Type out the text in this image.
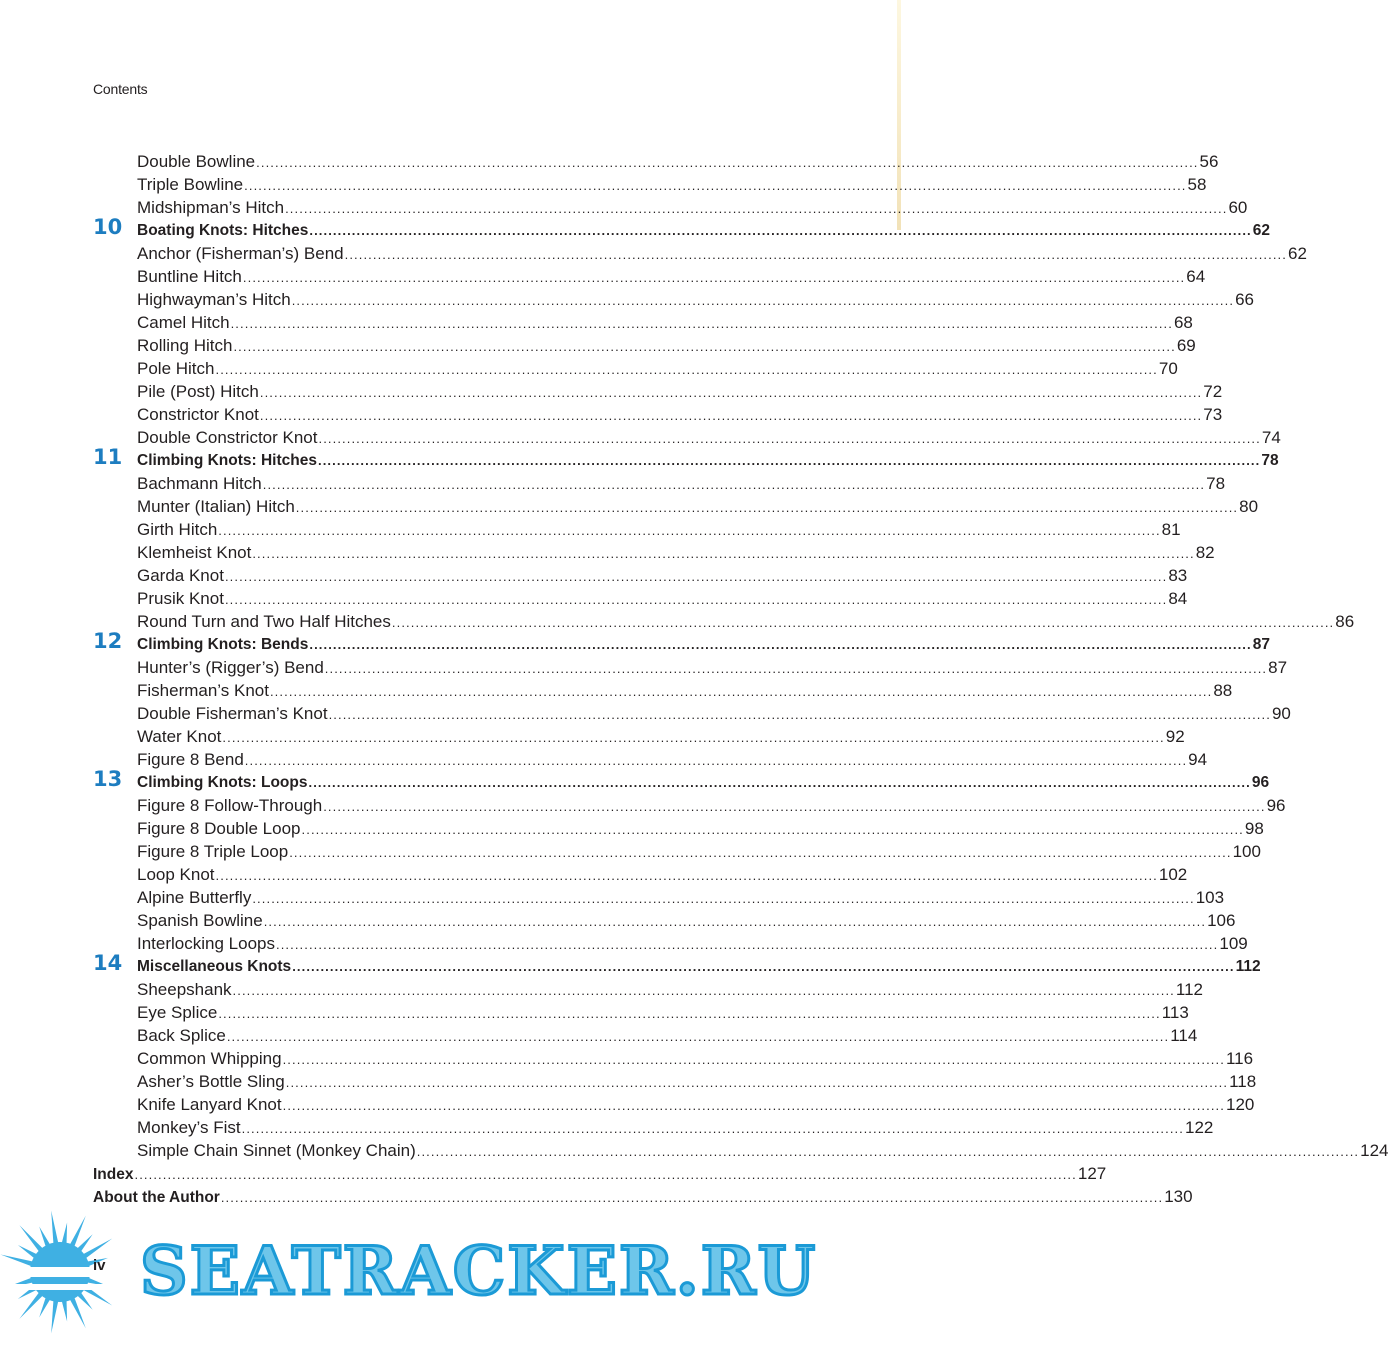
Contents
Double Bowline ........................................................................................................................................................................................................ 56
Triple Bowline ........................................................................................................................................................................................................ 58
Midshipman’s Hitch ........................................................................................................................................................................................................ 60
10 Boating Knots: Hitches ........................................................................................................................................................................................................ 62
Anchor (Fisherman’s) Bend ........................................................................................................................................................................................................ 62
Buntline Hitch ........................................................................................................................................................................................................ 64
Highwayman’s Hitch ........................................................................................................................................................................................................ 66
Camel Hitch ........................................................................................................................................................................................................ 68
Rolling Hitch ........................................................................................................................................................................................................ 69
Pole Hitch ........................................................................................................................................................................................................ 70
Pile (Post) Hitch ........................................................................................................................................................................................................ 72
Constrictor Knot ........................................................................................................................................................................................................ 73
Double Constrictor Knot ........................................................................................................................................................................................................ 74
11 Climbing Knots: Hitches ........................................................................................................................................................................................................ 78
Bachmann Hitch ........................................................................................................................................................................................................ 78
Munter (Italian) Hitch ........................................................................................................................................................................................................ 80
Girth Hitch ........................................................................................................................................................................................................ 81
Klemheist Knot ........................................................................................................................................................................................................ 82
Garda Knot ........................................................................................................................................................................................................ 83
Prusik Knot ........................................................................................................................................................................................................ 84
Round Turn and Two Half Hitches ........................................................................................................................................................................................................ 86
12 Climbing Knots: Bends ........................................................................................................................................................................................................ 87
Hunter’s (Rigger’s) Bend ........................................................................................................................................................................................................ 87
Fisherman’s Knot ........................................................................................................................................................................................................ 88
Double Fisherman’s Knot ........................................................................................................................................................................................................ 90
Water Knot ........................................................................................................................................................................................................ 92
Figure 8 Bend ........................................................................................................................................................................................................ 94
13 Climbing Knots: Loops ........................................................................................................................................................................................................ 96
Figure 8 Follow-Through ........................................................................................................................................................................................................ 96
Figure 8 Double Loop ........................................................................................................................................................................................................ 98
Figure 8 Triple Loop ........................................................................................................................................................................................................ 100
Loop Knot ........................................................................................................................................................................................................ 102
Alpine Butterfly ........................................................................................................................................................................................................ 103
Spanish Bowline ........................................................................................................................................................................................................ 106
Interlocking Loops ........................................................................................................................................................................................................ 109
14 Miscellaneous Knots ........................................................................................................................................................................................................ 112
Sheepshank ........................................................................................................................................................................................................ 112
Eye Splice ........................................................................................................................................................................................................ 113
Back Splice ........................................................................................................................................................................................................ 114
Common Whipping ........................................................................................................................................................................................................ 116
Asher’s Bottle Sling ........................................................................................................................................................................................................ 118
Knife Lanyard Knot ........................................................................................................................................................................................................ 120
Monkey’s Fist ........................................................................................................................................................................................................ 122
Simple Chain Sinnet (Monkey Chain) ........................................................................................................................................................................................................ 124
Index ........................................................................................................................................................................................................ 127
About the Author ........................................................................................................................................................................................................ 130
iv SEATRACKER.RU
